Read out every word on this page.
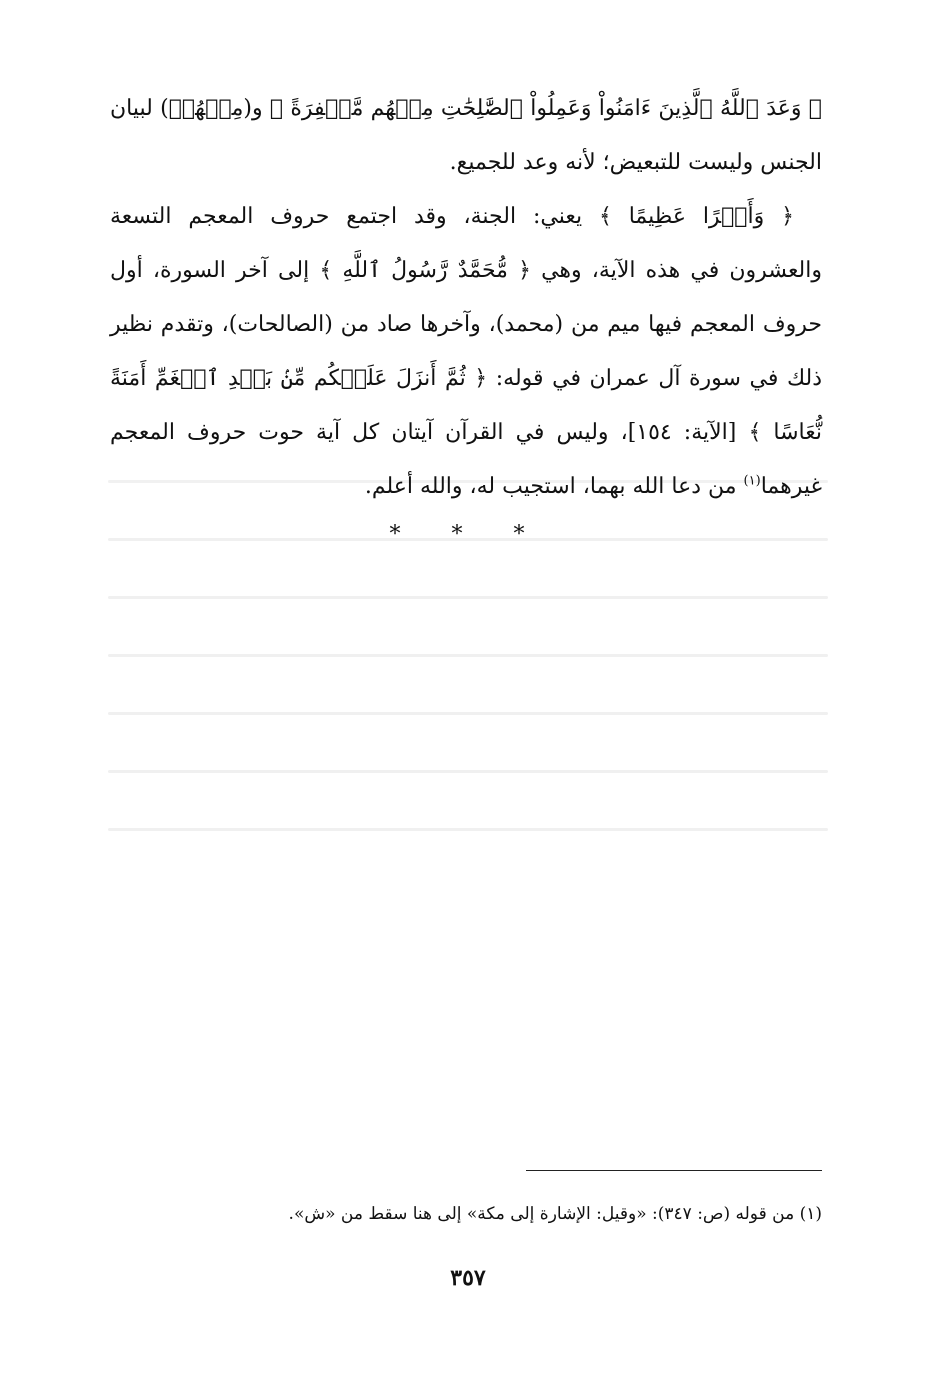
﴿ وَعَدَ ٱللَّهُ ٱلَّذِينَ ءَامَنُواْ وَعَمِلُواْ ٱلصَّٰلِحَٰتِ مِنۡهُم مَّغۡفِرَةً ﴾ و(مِنۡهُمۡ) لبيان الجنس وليست للتبعيض؛ لأنه وعد للجميع.

﴿ وَأَجۡرًا عَظِيمًا ﴾ يعني: الجنة، وقد اجتمع حروف المعجم التسعة والعشرون في هذه الآية، وهي ﴿ مُّحَمَّدٌ رَّسُولُ ٱللَّهِ ﴾ إلى آخر السورة، أول حروف المعجم فيها ميم من (محمد)، وآخرها صاد من (الصالحات)، وتقدم نظير ذلك في سورة آل عمران في قوله: ﴿ ثُمَّ أَنزَلَ عَلَيۡكُم مِّنۢ بَعۡدِ ٱلۡغَمِّ أَمَنَةً نُّعَاسًا ﴾ [الآية: ١٥٤]، وليس في القرآن آيتان كل آية حوت حروف المعجم غيرهما$^{(١)}$ من دعا الله بهما، استجيب له، والله أعلم.

* * *
(١) من قوله (ص: ٣٤٧): «وقيل: الإشارة إلى مكة» إلى هنا سقط من «ش».
٣٥٧
